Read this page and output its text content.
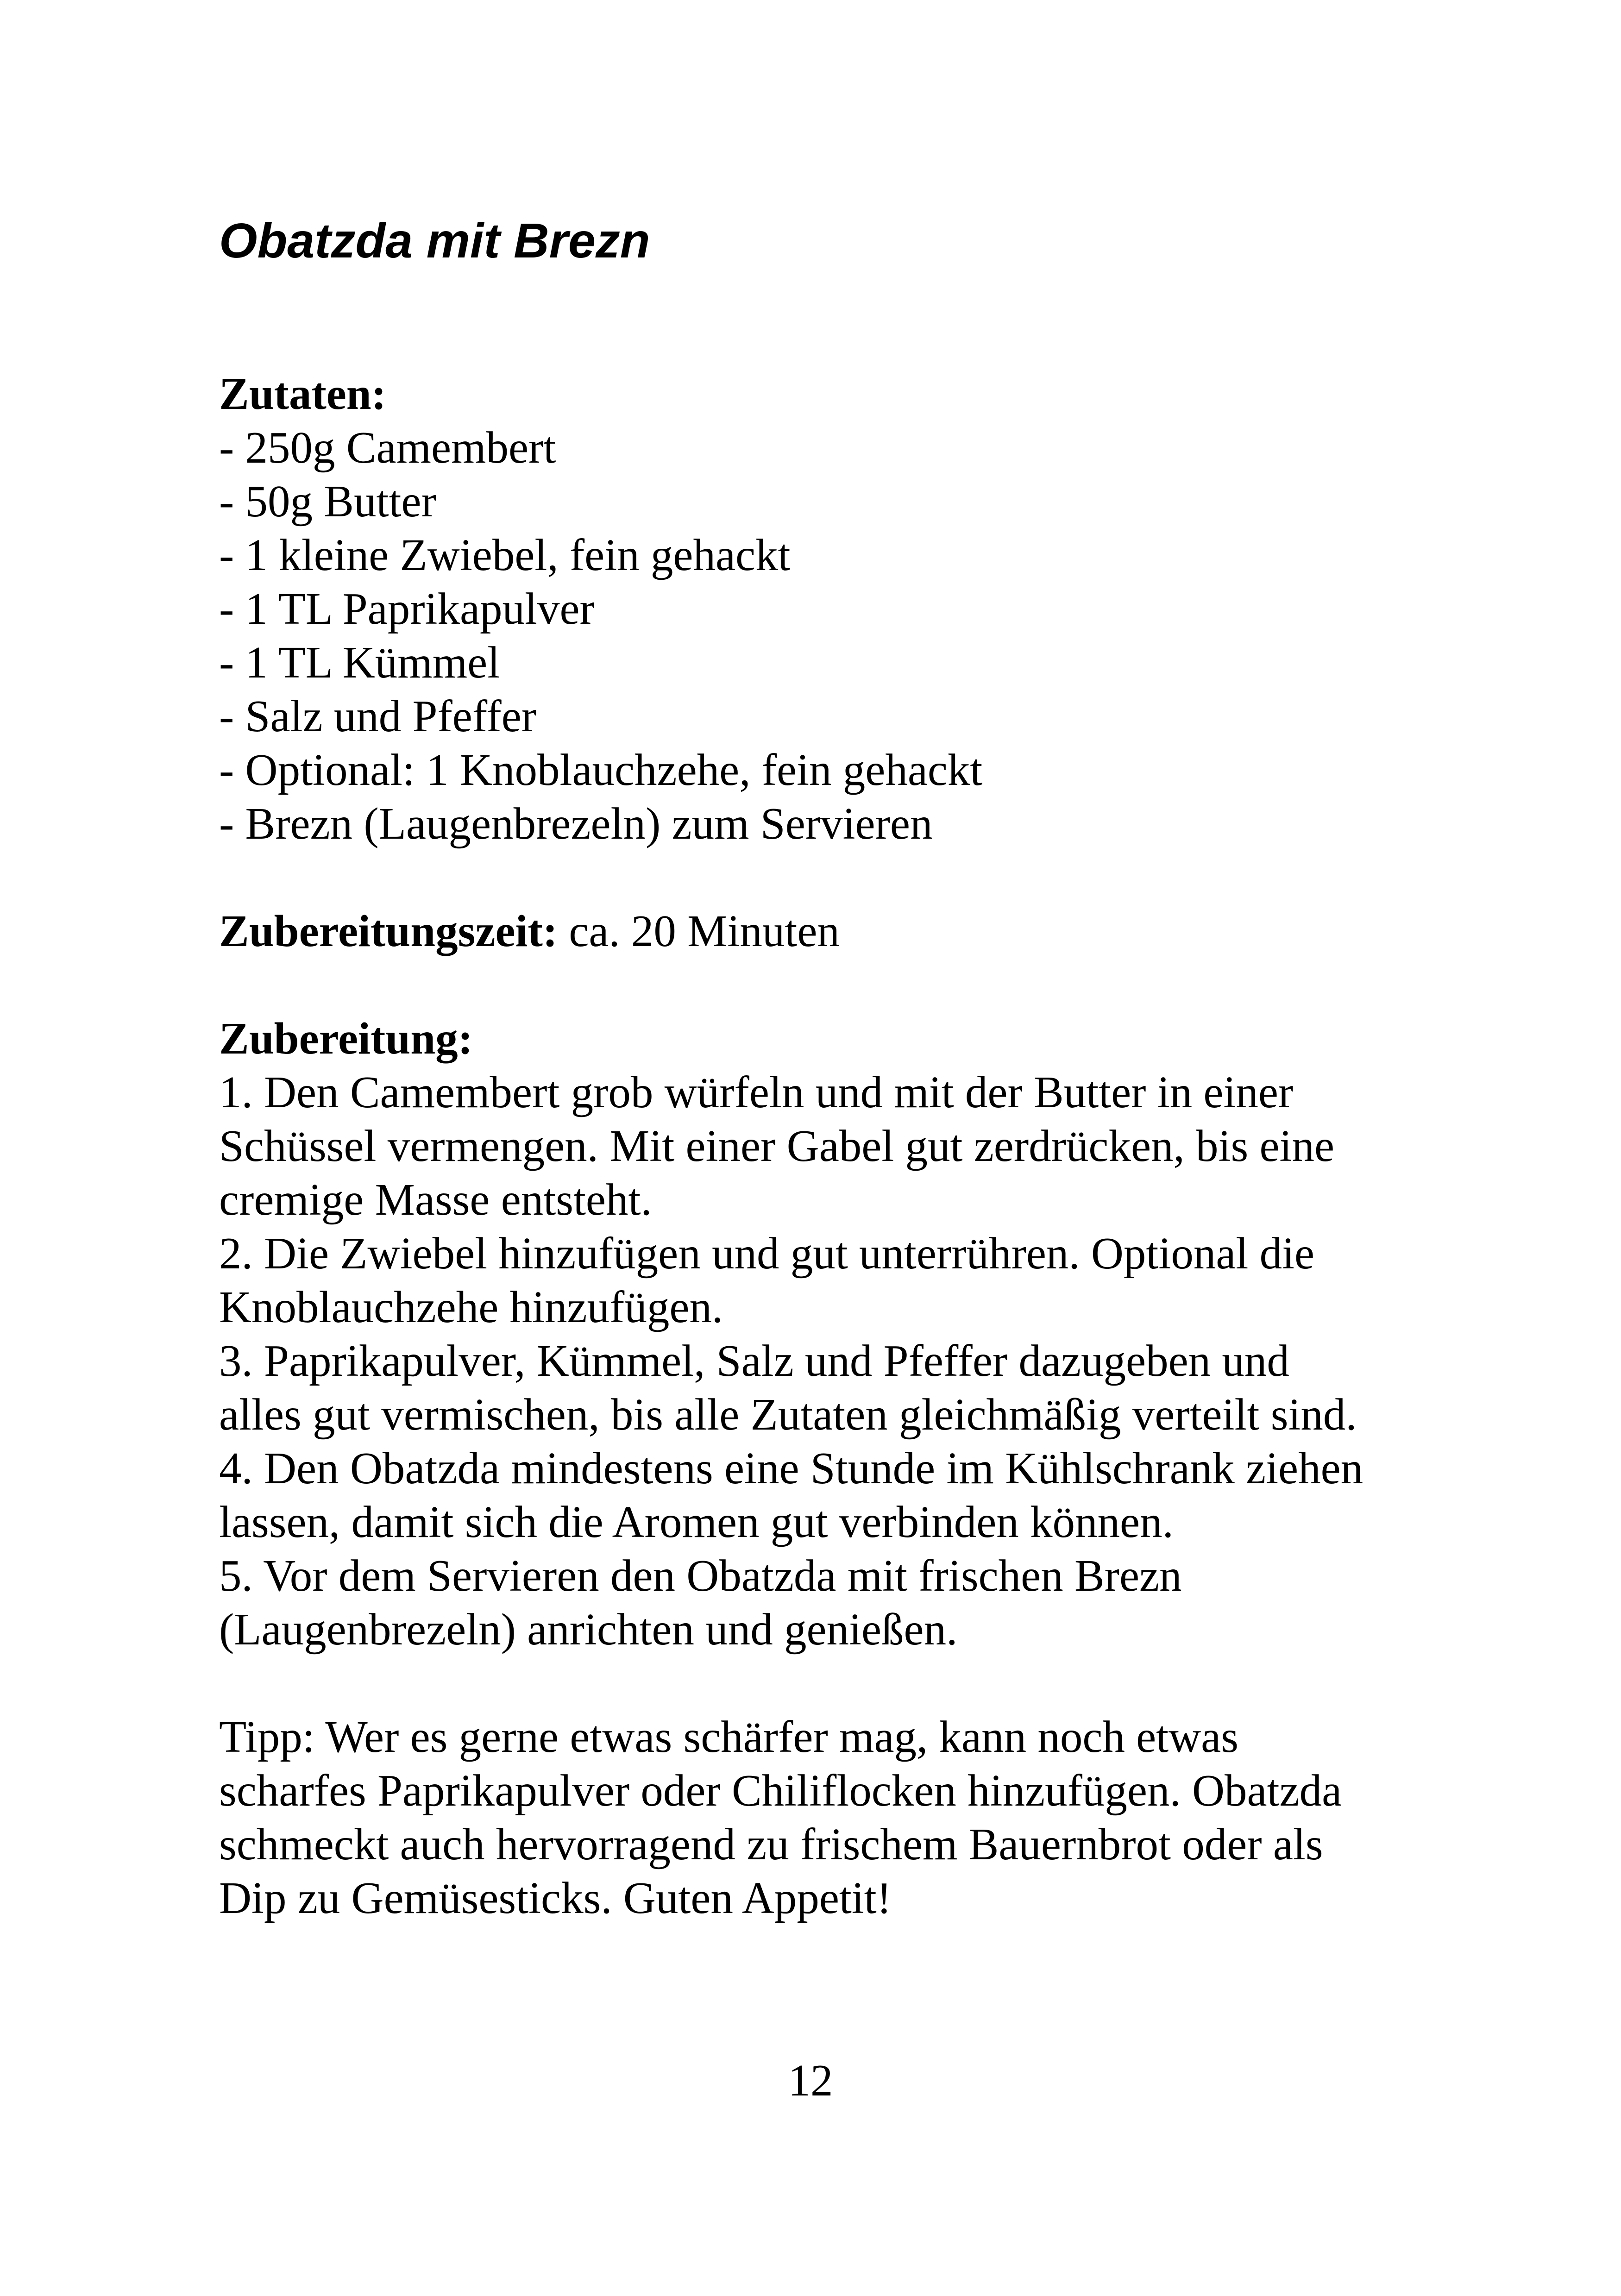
Obatzda mit Brezn
Zutaten:
- 250g Camembert
- 50g Butter
- 1 kleine Zwiebel, fein gehackt
- 1 TL Paprikapulver
- 1 TL Kümmel
- Salz und Pfeffer
- Optional: 1 Knoblauchzehe, fein gehackt
- Brezn (Laugenbrezeln) zum Servieren
Zubereitungszeit: ca. 20 Minuten
Zubereitung:
1. Den Camembert grob würfeln und mit der Butter in einer
Schüssel vermengen. Mit einer Gabel gut zerdrücken, bis eine
cremige Masse entsteht.
2. Die Zwiebel hinzufügen und gut unterrühren. Optional die
Knoblauchzehe hinzufügen.
3. Paprikapulver, Kümmel, Salz und Pfeffer dazugeben und
alles gut vermischen, bis alle Zutaten gleichmäßig verteilt sind.
4. Den Obatzda mindestens eine Stunde im Kühlschrank ziehen
lassen, damit sich die Aromen gut verbinden können.
5. Vor dem Servieren den Obatzda mit frischen Brezn
(Laugenbrezeln) anrichten und genießen.
Tipp: Wer es gerne etwas schärfer mag, kann noch etwas
scharfes Paprikapulver oder Chiliflocken hinzufügen. Obatzda
schmeckt auch hervorragend zu frischem Bauernbrot oder als
Dip zu Gemüsesticks. Guten Appetit!
12
